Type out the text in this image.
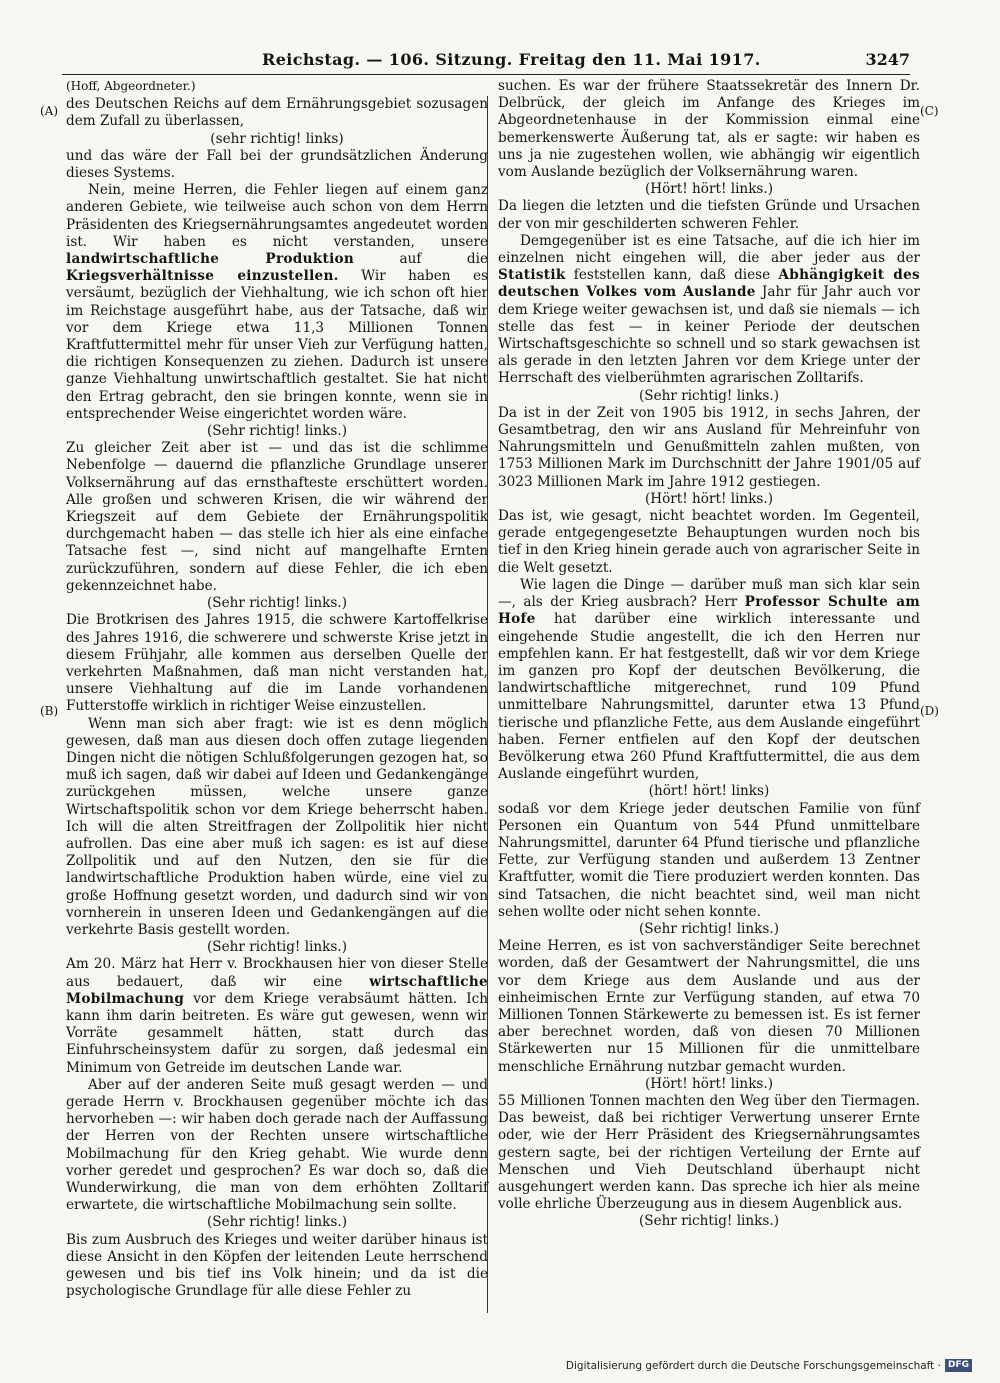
Reichstag. — 106. Sitzung. Freitag den 11. Mai 1917.	3247
(A)
(B)
(C)
(D)
(Hoff, Abgeordneter.)

des Deutschen Reichs auf dem Ernährungsgebiet sozusagen dem Zufall zu überlassen,

(sehr richtig! links)

und das wäre der Fall bei der grundsätzlichen Änderung dieses Systems.

Nein, meine Herren, die Fehler liegen auf einem ganz anderen Gebiete, wie teilweise auch schon von dem Herrn Präsidenten des Kriegsernährungsamtes angedeutet worden ist. Wir haben es nicht verstanden, unsere landwirtschaftliche Produktion auf die Kriegsverhältnisse einzustellen. Wir haben es versäumt, bezüglich der Viehhaltung, wie ich schon oft hier im Reichstage ausgeführt habe, aus der Tatsache, daß wir vor dem Kriege etwa 11,3 Millionen Tonnen Kraftfuttermittel mehr für unser Vieh zur Verfügung hatten, die richtigen Konsequenzen zu ziehen. Dadurch ist unsere ganze Viehhaltung unwirtschaftlich gestaltet. Sie hat nicht den Ertrag gebracht, den sie bringen konnte, wenn sie in entsprechender Weise eingerichtet worden wäre.

(Sehr richtig! links.)

Zu gleicher Zeit aber ist — und das ist die schlimme Nebenfolge — dauernd die pflanzliche Grundlage unserer Volksernährung auf das ernsthafteste erschüttert worden. Alle großen und schweren Krisen, die wir während der Kriegszeit auf dem Gebiete der Ernährungspolitik durchgemacht haben — das stelle ich hier als eine einfache Tatsache fest —, sind nicht auf mangelhafte Ernten zurückzuführen, sondern auf diese Fehler, die ich eben gekennzeichnet habe.

(Sehr richtig! links.)

Die Brotkrisen des Jahres 1915, die schwere Kartoffelkrise des Jahres 1916, die schwerere und schwerste Krise jetzt in diesem Frühjahr, alle kommen aus derselben Quelle der verkehrten Maßnahmen, daß man nicht verstanden hat, unsere Viehhaltung auf die im Lande vorhandenen Futterstoffe wirklich in richtiger Weise einzustellen.

Wenn man sich aber fragt: wie ist es denn möglich gewesen, daß man aus diesen doch offen zutage liegenden Dingen nicht die nötigen Schlußfolgerungen gezogen hat, so muß ich sagen, daß wir dabei auf Ideen und Gedankengänge zurückgehen müssen, welche unsere ganze Wirtschaftspolitik schon vor dem Kriege beherrscht haben. Ich will die alten Streitfragen der Zollpolitik hier nicht aufrollen. Das eine aber muß ich sagen: es ist auf diese Zollpolitik und auf den Nutzen, den sie für die landwirtschaftliche Produktion haben würde, eine viel zu große Hoffnung gesetzt worden, und dadurch sind wir von vornherein in unseren Ideen und Gedankengängen auf die verkehrte Basis gestellt worden.

(Sehr richtig! links.)

Am 20. März hat Herr v. Brockhausen hier von dieser Stelle aus bedauert, daß wir eine wirtschaftliche Mobilmachung vor dem Kriege verabsäumt hätten. Ich kann ihm darin beitreten. Es wäre gut gewesen, wenn wir Vorräte gesammelt hätten, statt durch das Einfuhrscheinsystem dafür zu sorgen, daß jedesmal ein Minimum von Getreide im deutschen Lande war.

Aber auf der anderen Seite muß gesagt werden — und gerade Herrn v. Brockhausen gegenüber möchte ich das hervorheben —: wir haben doch gerade nach der Auffassung der Herren von der Rechten unsere wirtschaftliche Mobilmachung für den Krieg gehabt. Wie wurde denn vorher geredet und gesprochen? Es war doch so, daß die Wunderwirkung, die man von dem erhöhten Zolltarif erwartete, die wirtschaftliche Mobilmachung sein sollte.

(Sehr richtig! links.)

Bis zum Ausbruch des Krieges und weiter darüber hinaus ist diese Ansicht in den Köpfen der leitenden Leute herrschend gewesen und bis tief ins Volk hinein; und da ist die psychologische Grundlage für alle diese Fehler zu

suchen. Es war der frühere Staatssekretär des Innern Dr. Delbrück, der gleich im Anfange des Krieges im Abgeordnetenhause in der Kommission einmal eine bemerkenswerte Äußerung tat, als er sagte: wir haben es uns ja nie zugestehen wollen, wie abhängig wir eigentlich vom Auslande bezüglich der Volksernährung waren.

(Hört! hört! links.)

Da liegen die letzten und die tiefsten Gründe und Ursachen der von mir geschilderten schweren Fehler.

Demgegenüber ist es eine Tatsache, auf die ich hier im einzelnen nicht eingehen will, die aber jeder aus der Statistik feststellen kann, daß diese Abhängigkeit des deutschen Volkes vom Auslande Jahr für Jahr auch vor dem Kriege weiter gewachsen ist, und daß sie niemals — ich stelle das fest — in keiner Periode der deutschen Wirtschaftsgeschichte so schnell und so stark gewachsen ist als gerade in den letzten Jahren vor dem Kriege unter der Herrschaft des vielberühmten agrarischen Zolltarifs.

(Sehr richtig! links.)

Da ist in der Zeit von 1905 bis 1912, in sechs Jahren, der Gesamtbetrag, den wir ans Ausland für Mehreinfuhr von Nahrungsmitteln und Genußmitteln zahlen mußten, von 1753 Millionen Mark im Durchschnitt der Jahre 1901/05 auf 3023 Millionen Mark im Jahre 1912 gestiegen.

(Hört! hört! links.)

Das ist, wie gesagt, nicht beachtet worden. Im Gegenteil, gerade entgegengesetzte Behauptungen wurden noch bis tief in den Krieg hinein gerade auch von agrarischer Seite in die Welt gesetzt.

Wie lagen die Dinge — darüber muß man sich klar sein —, als der Krieg ausbrach? Herr Professor Schulte am Hofe hat darüber eine wirklich interessante und eingehende Studie angestellt, die ich den Herren nur empfehlen kann. Er hat festgestellt, daß wir vor dem Kriege im ganzen pro Kopf der deutschen Bevölkerung, die landwirtschaftliche mitgerechnet, rund 109 Pfund unmittelbare Nahrungsmittel, darunter etwa 13 Pfund tierische und pflanzliche Fette, aus dem Auslande eingeführt haben. Ferner entfielen auf den Kopf der deutschen Bevölkerung etwa 260 Pfund Kraftfuttermittel, die aus dem Auslande eingeführt wurden,

(hört! hört! links)

sodaß vor dem Kriege jeder deutschen Familie von fünf Personen ein Quantum von 544 Pfund unmittelbare Nahrungsmittel, darunter 64 Pfund tierische und pflanzliche Fette, zur Verfügung standen und außerdem 13 Zentner Kraftfutter, womit die Tiere produziert werden konnten. Das sind Tatsachen, die nicht beachtet sind, weil man nicht sehen wollte oder nicht sehen konnte.

(Sehr richtig! links.)

Meine Herren, es ist von sachverständiger Seite berechnet worden, daß der Gesamtwert der Nahrungsmittel, die uns vor dem Kriege aus dem Auslande und aus der einheimischen Ernte zur Verfügung standen, auf etwa 70 Millionen Tonnen Stärkewerte zu bemessen ist. Es ist ferner aber berechnet worden, daß von diesen 70 Millionen Stärkewerten nur 15 Millionen für die unmittelbare menschliche Ernährung nutzbar gemacht wurden.

(Hört! hört! links.)

55 Millionen Tonnen machten den Weg über den Tiermagen. Das beweist, daß bei richtiger Verwertung unserer Ernte oder, wie der Herr Präsident des Kriegsernährungsamtes gestern sagte, bei der richtigen Verteilung der Ernte auf Menschen und Vieh Deutschland überhaupt nicht ausgehungert werden kann. Das spreche ich hier als meine volle ehrliche Überzeugung aus in diesem Augenblick aus.

(Sehr richtig! links.)

Digitalisierung gefördert durch die Deutsche Forschungsgemeinschaft · DFG
